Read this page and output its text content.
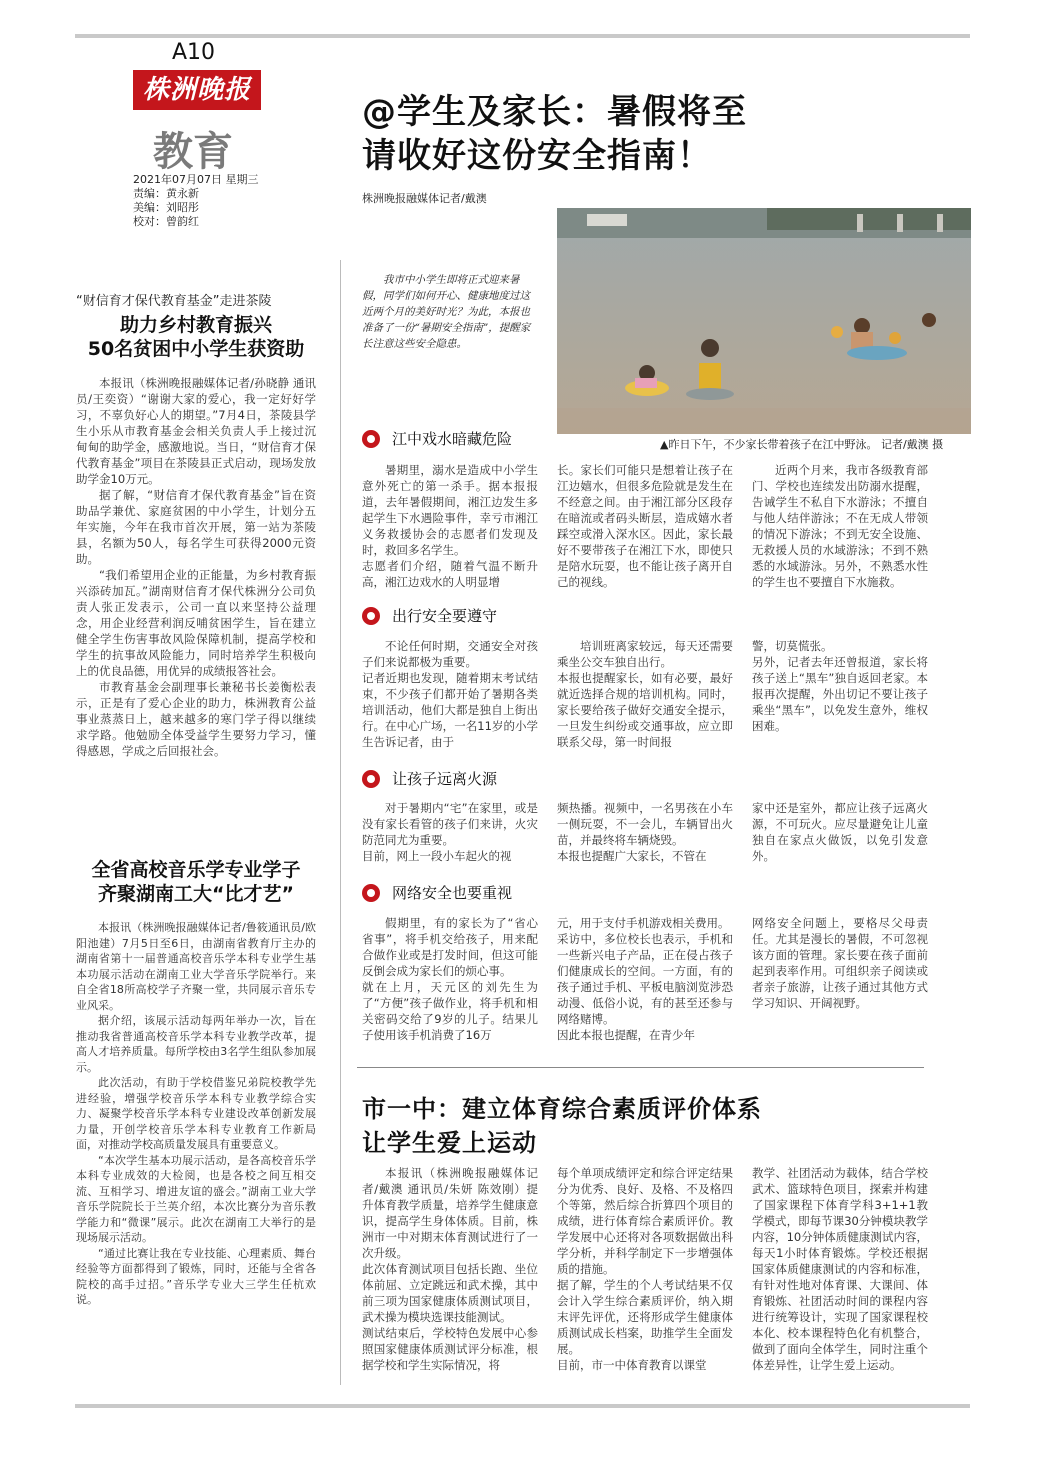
A10
株洲晚报
教育
2021年07月07日 星期三
责编：黄永新
美编：刘昭彤
校对：曾韵红
“财信育才保代教育基金”走进茶陵
助力乡村教育振兴
50名贫困中小学生获资助

本报讯（株洲晚报融媒体记者/孙晓静 通讯员/王奕资）“谢谢大家的爱心，我一定好好学习，不辜负好心人的期望。”7月4日，茶陵县学生小乐从市教育基金会相关负责人手上接过沉甸甸的助学金，感激地说。当日，“财信育才保代教育基金”项目在茶陵县正式启动，现场发放助学金10万元。

据了解，“财信育才保代教育基金”旨在资助品学兼优、家庭贫困的中小学生，计划分五年实施，今年在我市首次开展，第一站为茶陵县，名额为50人，每名学生可获得2000元资助。

“我们希望用企业的正能量，为乡村教育振兴添砖加瓦。”湖南财信育才保代株洲分公司负责人张正发表示，公司一直以来坚持公益理念，用企业经营利润反哺贫困学生，旨在建立健全学生伤害事故风险保障机制，提高学校和学生的抗事故风险能力，同时培养学生积极向上的优良品德，用优异的成绩报答社会。

市教育基金会副理事长兼秘书长姜衡松表示，正是有了爱心企业的助力，株洲教育公益事业蒸蒸日上，越来越多的寒门学子得以继续求学路。他勉励全体受益学生要努力学习，懂得感恩，学成之后回报社会。

全省高校音乐学专业学子
齐聚湖南工大“比才艺”

本报讯（株洲晚报融媒体记者/鲁筱通讯员/欧阳池建）7月5日至6日，由湖南省教育厅主办的湖南省第十一届普通高校音乐学本科专业学生基本功展示活动在湖南工业大学音乐学院举行。来自全省18所高校学子齐聚一堂，共同展示音乐专业风采。

据介绍，该展示活动每两年举办一次，旨在推动我省普通高校音乐学本科专业教学改革，提高人才培养质量。每所学校由3名学生组队参加展示。

此次活动，有助于学校借鉴兄弟院校教学先进经验，增强学校音乐学本科专业教学综合实力、凝聚学校音乐学本科专业建设改革创新发展力量，开创学校音乐学本科专业教育工作新局面，对推动学校高质量发展具有重要意义。

“本次学生基本功展示活动，是各高校音乐学本科专业成效的大检阅，也是各校之间互相交流、互相学习、增进友谊的盛会。”湖南工业大学音乐学院院长于兰英介绍，本次比赛分为音乐教学能力和“微课”展示。此次在湖南工大举行的是现场展示活动。

“通过比赛让我在专业技能、心理素质、舞台经验等方面都得到了锻炼，同时，还能与全省各院校的高手过招。”音乐学专业大三学生任杭欢说。

@学生及家长：暑假将至
请收好这份安全指南！
株洲晚报融媒体记者/戴澳
我市中小学生即将正式迎来暑假，同学们如何开心、健康地度过这近两个月的美好时光？为此，本报也准备了一份“暑期安全指南”，提醒家长注意这些安全隐患。
▲昨日下午，不少家长带着孩子在江中野泳。 记者/戴澳 摄
江中戏水暗藏危险

暑期里，溺水是造成中小学生意外死亡的第一杀手。据本报报道，去年暑假期间，湘江边发生多起学生下水遇险事件，幸亏市湘江义务救援协会的志愿者们发现及时，救回多名学生。
志愿者们介绍，随着气温不断升高，湘江边戏水的人明显增

长。家长们可能只是想着让孩子在江边嬉水，但很多危险就是发生在不经意之间。由于湘江部分区段存在暗流或者码头断层，造成嬉水者踩空或滑入深水区。因此，家长最好不要带孩子在湘江下水，即使只是陪水玩耍，也不能让孩子离开自己的视线。

近两个月来，我市各级教育部门、学校也连续发出防溺水提醒，告诫学生不私自下水游泳；不擅自与他人结伴游泳；不在无成人带领的情况下游泳；不到无安全设施、无救援人员的水域游泳；不到不熟悉的水域游泳。另外，不熟悉水性的学生也不要擅自下水施救。

出行安全要遵守

不论任何时期，交通安全对孩子们来说都极为重要。
记者近期也发现，随着期末考试结束，不少孩子们都开始了暑期各类培训活动，他们大都是独自上街出行。在中心广场，一名11岁的小学生告诉记者，由于

培训班离家较远，每天还需要乘坐公交车独自出行。
本报也提醒家长，如有必要，最好就近选择合规的培训机构。同时，家长要给孩子做好交通安全提示，一旦发生纠纷或交通事故，应立即联系父母，第一时间报

警，切莫慌张。
另外，记者去年还曾报道，家长将孩子送上“黑车”独自返回老家。本报再次提醒，外出切记不要让孩子乘坐“黑车”，以免发生意外，维权困难。

让孩子远离火源

对于暑期内“宅”在家里，或是没有家长看管的孩子们来讲，火灾防范同尤为重要。
目前，网上一段小车起火的视

频热播。视频中，一名男孩在小车一侧玩耍，不一会儿，车辆冒出火苗，并最终将车辆烧毁。
本报也提醒广大家长，不管在

家中还是室外，都应让孩子远离火源，不可玩火。应尽量避免让儿童独自在家点火做饭，以免引发意外。

网络安全也要重视

假期里，有的家长为了“省心省事”，将手机交给孩子，用来配合做作业或是打发时间，但这可能反倒会成为家长们的烦心事。
就在上月，天元区的刘先生为了“方便”孩子做作业，将手机和相关密码交给了9岁的儿子。结果儿子使用该手机消费了16万

元，用于支付手机游戏相关费用。
采访中，多位校长也表示，手机和一些新兴电子产品，正在侵占孩子们健康成长的空间。一方面，有的孩子通过手机、平板电脑浏览涉恐动漫、低俗小说，有的甚至还参与网络赌博。
因此本报也提醒，在青少年

网络安全问题上，要格尽父母责任。尤其是漫长的暑假，不可忽视该方面的管理。家长要在孩子面前起到表率作用。可组织亲子阅读或者亲子旅游，让孩子通过其他方式学习知识、开阔视野。

市一中：建立体育综合素质评价体系
让学生爱上运动

本报讯（株洲晚报融媒体记者/戴澳 通讯员/朱妍 陈效刚）提升体育教学质量，培养学生健康意识，提高学生身体体质。目前，株洲市一中对期末体育测试进行了一次升级。
此次体育测试项目包括长跑、坐位体前屈、立定跳远和武术操，其中前三项为国家健康体质测试项目，武术操为模块选课技能测试。
测试结束后，学校特色发展中心参照国家健康体质测试评分标准，根据学校和学生实际情况，将

每个单项成绩评定和综合评定结果分为优秀、良好、及格、不及格四个等第，然后综合折算四个项目的成绩，进行体育综合素质评价。教学发展中心还将对各项数据做出科学分析，并科学制定下一步增强体质的措施。
据了解，学生的个人考试结果不仅会计入学生综合素质评价，纳入期末评先评优，还将形成学生健康体质测试成长档案，助推学生全面发展。
目前，市一中体育教育以课堂

教学、社团活动为载体，结合学校武术、篮球特色项目，探索并构建了国家课程下体育学科3+1+1教学模式，即每节课30分钟模块教学内容，10分钟体质健康测试内容，每天1小时体育锻炼。学校还根据国家体质健康测试的内容和标准，有针对性地对体育课、大课间、体育锻炼、社团活动时间的课程内容进行统筹设计，实现了国家课程校本化、校本课程特色化有机整合，做到了面向全体学生，同时注重个体差异性，让学生爱上运动。
